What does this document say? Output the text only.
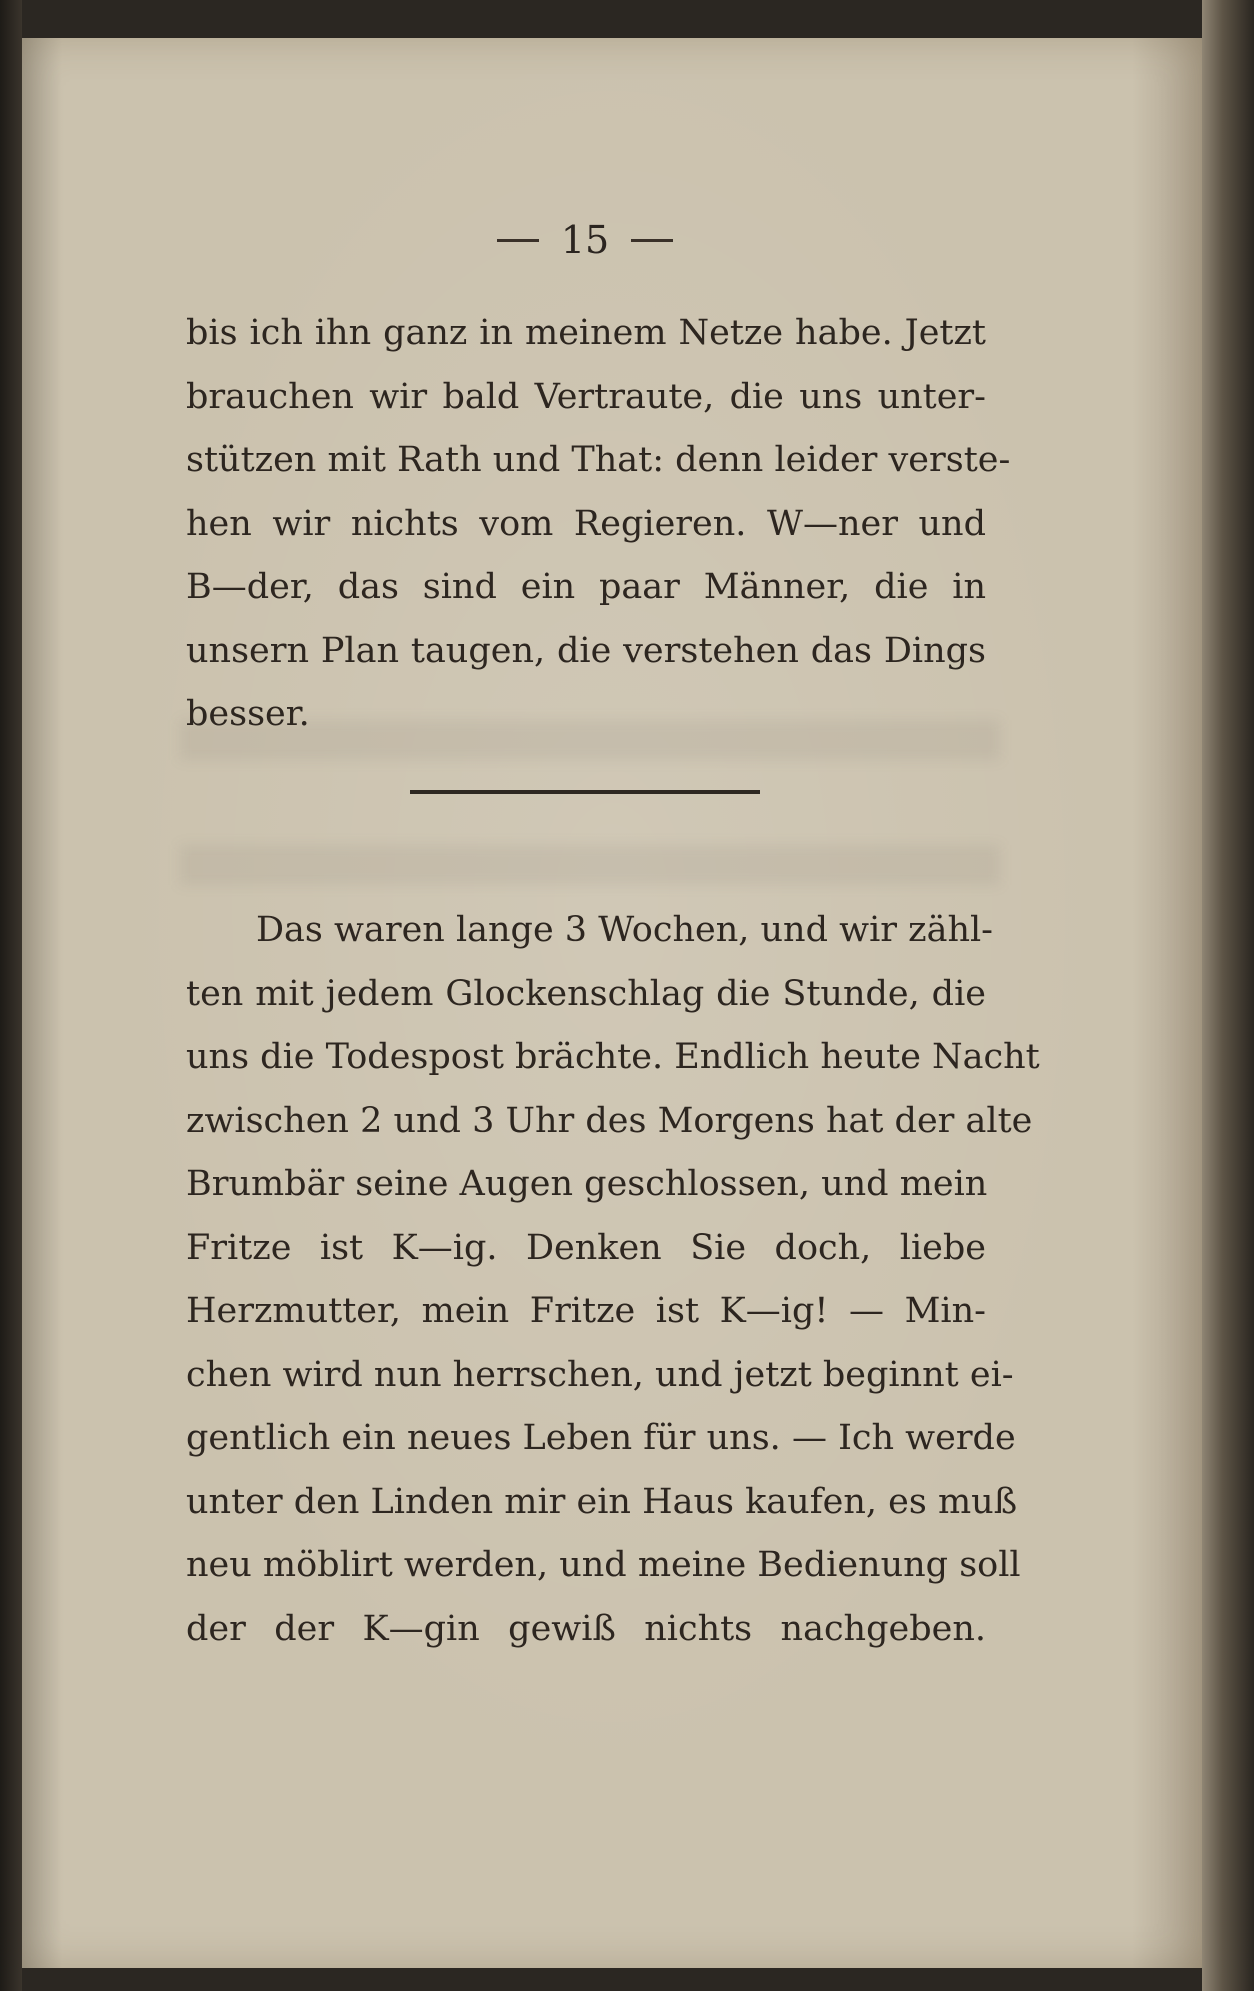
15
bis ich ihn ganz in meinem Netze habe. Jetzt
brauchen wir bald Vertraute, die uns unter-
stützen mit Rath und That: denn leider verste-
hen wir nichts vom Regieren. W—ner und
B—der, das sind ein paar Männer, die in
unsern Plan taugen, die verstehen das Dings
besser.
Das waren lange 3 Wochen, und wir zähl-
ten mit jedem Glockenschlag die Stunde, die
uns die Todespost brächte. Endlich heute Nacht
zwischen 2 und 3 Uhr des Morgens hat der alte
Brumbär seine Augen geschlossen, und mein
Fritze ist K—ig. Denken Sie doch, liebe
Herzmutter, mein Fritze ist K—ig! — Min-
chen wird nun herrschen, und jetzt beginnt ei-
gentlich ein neues Leben für uns. — Ich werde
unter den Linden mir ein Haus kaufen, es muß
neu möblirt werden, und meine Bedienung soll
der der K—gin gewiß nichts nachgeben.
